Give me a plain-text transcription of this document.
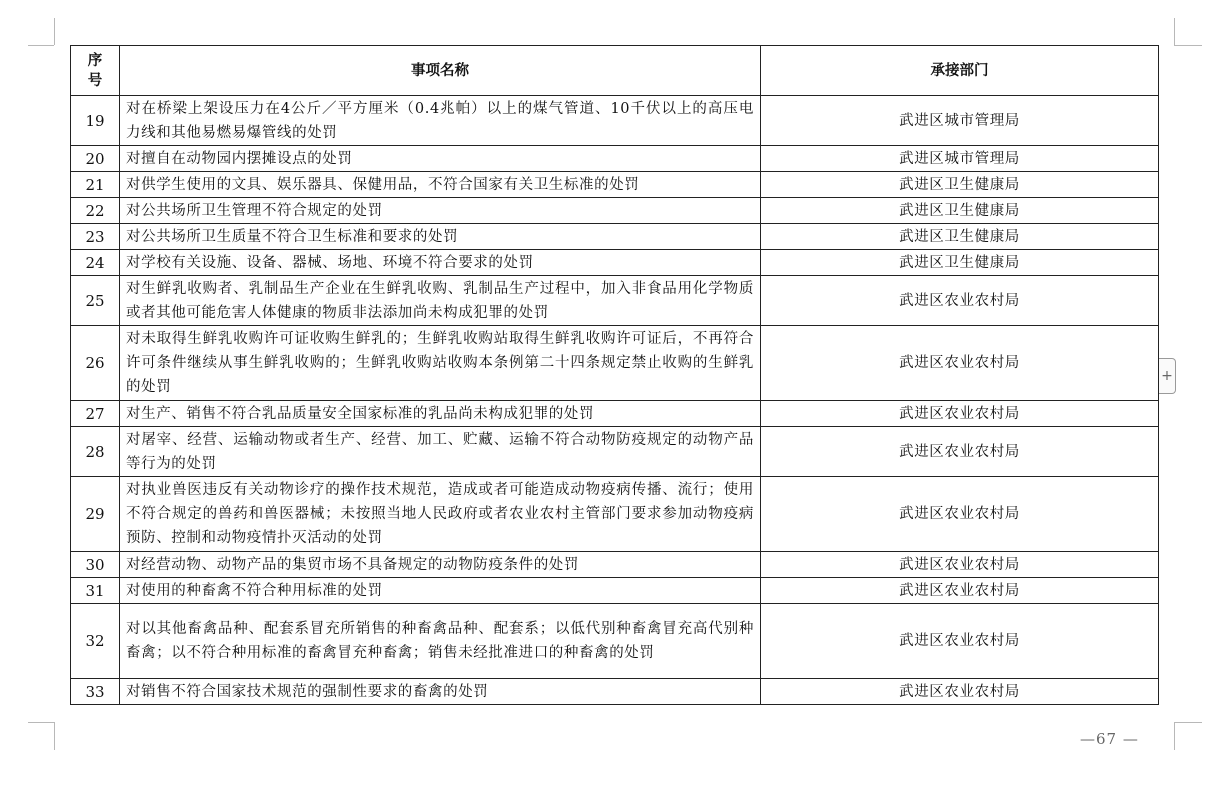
序
号	事项名称	承接部门
19	对在桥梁上架设压力在4公斤／平方厘米（0.4兆帕）以上的煤气管道、10千伏以上的高压电力线和其他易燃易爆管线的处罚	武进区城市管理局
20	对擅自在动物园内摆摊设点的处罚	武进区城市管理局
21	对供学生使用的文具、娱乐器具、保健用品，不符合国家有关卫生标准的处罚	武进区卫生健康局
22	对公共场所卫生管理不符合规定的处罚	武进区卫生健康局
23	对公共场所卫生质量不符合卫生标准和要求的处罚	武进区卫生健康局
24	对学校有关设施、设备、器械、场地、环境不符合要求的处罚	武进区卫生健康局
25	对生鲜乳收购者、乳制品生产企业在生鲜乳收购、乳制品生产过程中，加入非食品用化学物质或者其他可能危害人体健康的物质非法添加尚未构成犯罪的处罚	武进区农业农村局
26	对未取得生鲜乳收购许可证收购生鲜乳的；生鲜乳收购站取得生鲜乳收购许可证后，不再符合许可条件继续从事生鲜乳收购的；生鲜乳收购站收购本条例第二十四条规定禁止收购的生鲜乳的处罚	武进区农业农村局
27	对生产、销售不符合乳品质量安全国家标准的乳品尚未构成犯罪的处罚	武进区农业农村局
28	对屠宰、经营、运输动物或者生产、经营、加工、贮藏、运输不符合动物防疫规定的动物产品等行为的处罚	武进区农业农村局
29	对执业兽医违反有关动物诊疗的操作技术规范，造成或者可能造成动物疫病传播、流行；使用不符合规定的兽药和兽医器械；未按照当地人民政府或者农业农村主管部门要求参加动物疫病预防、控制和动物疫情扑灭活动的处罚	武进区农业农村局
30	对经营动物、动物产品的集贸市场不具备规定的动物防疫条件的处罚	武进区农业农村局
31	对使用的种畜禽不符合种用标准的处罚	武进区农业农村局
32	对以其他畜禽品种、配套系冒充所销售的种畜禽品种、配套系；以低代别种畜禽冒充高代别种畜禽；以不符合种用标准的畜禽冒充种畜禽；销售未经批准进口的种畜禽的处罚	武进区农业农村局
33	对销售不符合国家技术规范的强制性要求的畜禽的处罚	武进区农业农村局
+
—67 —
